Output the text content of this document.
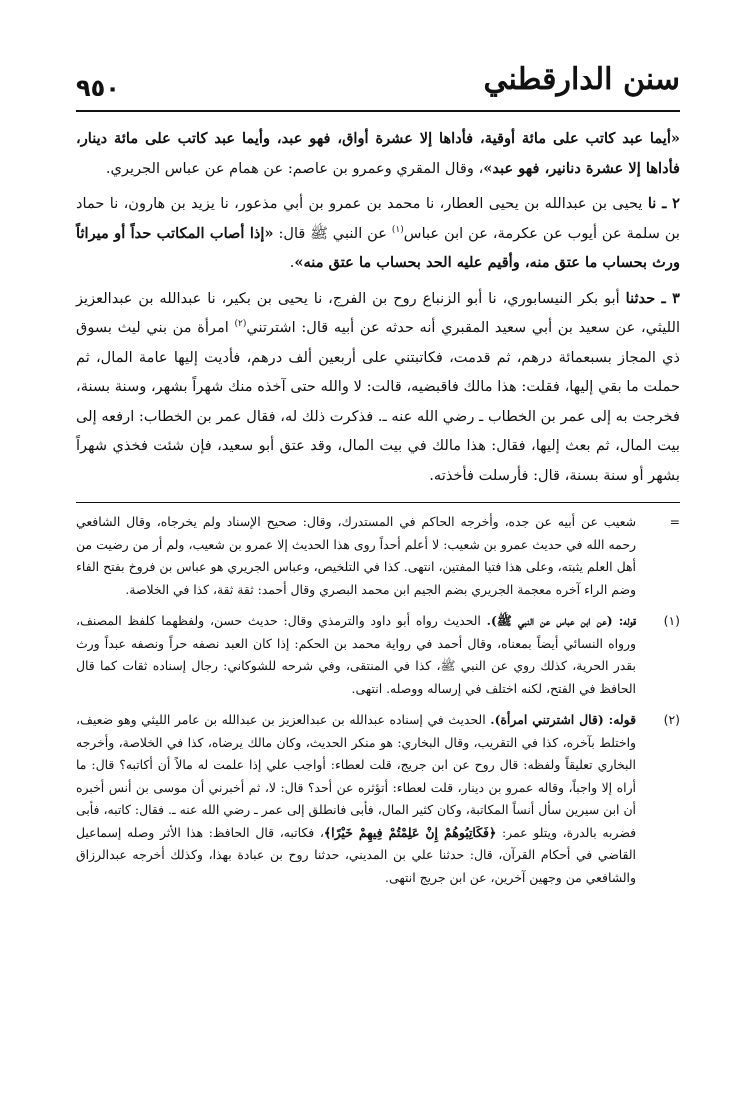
سنن الدارقطني
٩٥٠

«أيما عبد كاتب على مائة أوقية، فأداها إلا عشرة أواق، فهو عبد، وأيما عبد كاتب على مائة دينار، فأداها إلا عشرة دنانير، فهو عبد»، وقال المقري وعمرو بن عاصم: عن همام عن عباس الجريري.

٢ ـ نا يحيى بن عبدالله بن يحيى العطار، نا محمد بن عمرو بن أبي مذعور، نا يزيد بن هارون، نا حماد بن سلمة عن أيوب عن عكرمة، عن ابن عباس$^{(١)}$ عن النبي ﷺ قال: «إذا أصاب المكاتب حداً أو ميراثاً ورث بحساب ما عتق منه، وأقيم عليه الحد بحساب ما عتق منه».

٣ ـ حدثنا أبو بكر النيسابوري، نا أبو الزنباع روح بن الفرج، نا يحيى بن بكير، نا عبدالله بن عبدالعزيز الليثي، عن سعيد بن أبي سعيد المقبري أنه حدثه عن أبيه قال: اشترتني$^{(٢)}$ امرأة من بني ليث بسوق ذي المجاز بسبعمائة درهم، ثم قدمت، فكاتبتني على أربعين ألف درهم، فأديت إليها عامة المال، ثم حملت ما بقي إليها، فقلت: هذا مالك فاقبضيه، قالت: لا والله حتى آخذه منك شهراً بشهر، وسنة بسنة، فخرجت به إلى عمر بن الخطاب ـ رضي الله عنه ـ. فذكرت ذلك له، فقال عمر بن الخطاب: ارفعه إلى بيت المال، ثم بعث إليها، فقال: هذا مالك في بيت المال، وقد عتق أبو سعيد، فإن شئت فخذي شهراً بشهر أو سنة بسنة، قال: فأرسلت فأخذته.

=
شعيب عن أبيه عن جده، وأخرجه الحاكم في المستدرك، وقال: صحيح الإسناد ولم يخرجاه، وقال الشافعي رحمه الله في حديث عمرو بن شعيب: لا أعلم أحداً روى هذا الحديث إلا عمرو بن شعيب، ولم أر من رضيت من أهل العلم يثبته، وعلى هذا فتيا المفتين، انتهى. كذا في التلخيص، وعباس الجريري هو عباس بن فروخ بفتح الفاء وضم الراء آخره معجمة الجريري بضم الجيم ابن محمد البصري وقال أحمد: ثقة ثقة، كذا في الخلاصة.
(١)
قوله: (عن ابن عباس عن النبي ﷺ). الحديث رواه أبو داود والترمذي وقال: حديث حسن، ولفظهما كلفظ المصنف، ورواه النسائي أيضاً بمعناه، وقال أحمد في رواية محمد بن الحكم: إذا كان العبد نصفه حراً ونصفه عبداً ورث بقدر الحرية، كذلك روي عن النبي ﷺ، كذا في المنتقى، وفي شرحه للشوكاني: رجال إسناده ثقات كما قال الحافظ في الفتح، لكنه اختلف في إرساله ووصله. انتهى.
(٢)
قوله: (قال اشترتني امرأة). الحديث في إسناده عبدالله بن عبدالعزيز بن عبدالله بن عامر الليثي وهو ضعيف، واختلط بآخره، كذا في التقريب، وقال البخاري: هو منكر الحديث، وكان مالك يرضاه، كذا في الخلاصة، وأخرجه البخاري تعليقاً ولفظه: قال روح عن ابن جريج، قلت لعطاء: أواجب علي إذا علمت له مالاً أن أكاتبه؟ قال: ما أراه إلا واجباً، وقاله عمرو بن دينار، قلت لعطاء: أتؤثره عن أحد؟ قال: لا، ثم أخبرني أن موسى بن أنس أخبره أن ابن سيرين سأل أنساً المكاتبة، وكان كثير المال، فأبى فانطلق إلى عمر ـ رضي الله عنه ـ. فقال: كاتبه، فأبى فضربه بالدرة، ويتلو عمر: ﴿فَكَاتِبُوهُمْ إِنْ عَلِمْتُمْ فِيهِمْ خَيْرًا﴾، فكاتبه، قال الحافظ: هذا الأثر وصله إسماعيل القاضي في أحكام القرآن، قال: حدثنا علي بن المديني، حدثنا روح بن عبادة بهذا، وكذلك أخرجه عبدالرزاق والشافعي من وجهين آخرين، عن ابن جريج انتهى.
